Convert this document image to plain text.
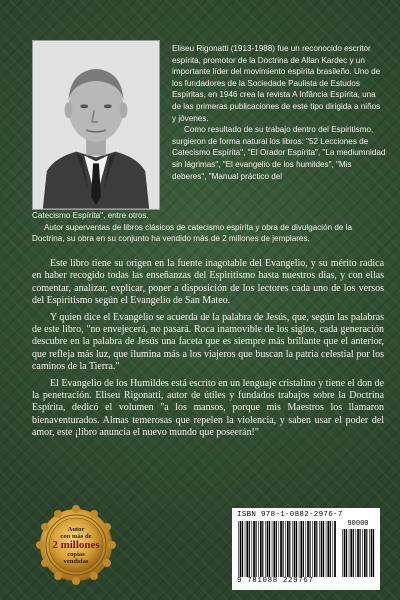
Eliseu Rigonatti (1913-1988) fue un reconocido escritor espírita, promotor de la Doctrina de Allan Kardec y un importante líder del movimiento espírita brasileño. Uno de los fundadores de la Sociedade Paulista de Estudos Espíritas, en 1946 crea la revista A Infância Espírita, una de las primeras publicaciones de este tipo dirigida a niños y jóvenes.

Como resultado de su trabajo dentro del Espiritismo, surgieron de forma natural los libros: "52 Lecciones de Catecismo Espírita", "El Orador Espírita", "La mediumnidad sin lágrimas", "El evangelio de los humildes", "Mis deberes", "Manual práctico del

Catecismo Espírita", entre otros.

Autor superventas de libros clásicos de catecismo espírita y obra de divulgación de la Doctrina, su obra en su conjunto ha vendido más de 2 millones de jemplares.

Este libro tiene su origen en la fuente inagotable del Evangelio, y su mérito radica en haber recogido todas las enseñanzas del Espiritismo hasta nuestros días, y con ellas comentar, analizar, explicar, poner a disposición de los lectores cada uno de los versos del Espiritismo según el Evangelio de San Mateo.

Y quien dice el Evangelio se acuerda de la palabra de Jesús, que, según las palabras de este libro, "no envejecerá, no pasará. Roca inamovible de los siglos, cada generación descubre en la palabra de Jesús una faceta que es siempre más brillante que el anterior, que refleja más luz, que ilumina más a los viajeros que buscan la patria celestial por los caminos de la Tierra."

El Evangelio de los Humildes está escrito en un lenguaje cristalino y tiene el don de la penetración. Eliseu Rigonatti, autor de útiles y fundados trabajos sobre la Doctrina Espírita, dedicó el volumen "a los mansos, porque mis Maestros los llamaron bienaventurados. Almas temerosas que repelen la violencia, y saben usar el poder del amor, este ¡libro anuncia el nuevo mundo que poseerán!"

Autor
con más de
2 millones
copias
vendidas
ISBN 978-1-0882-2976-7
90000
9 781088 229767
